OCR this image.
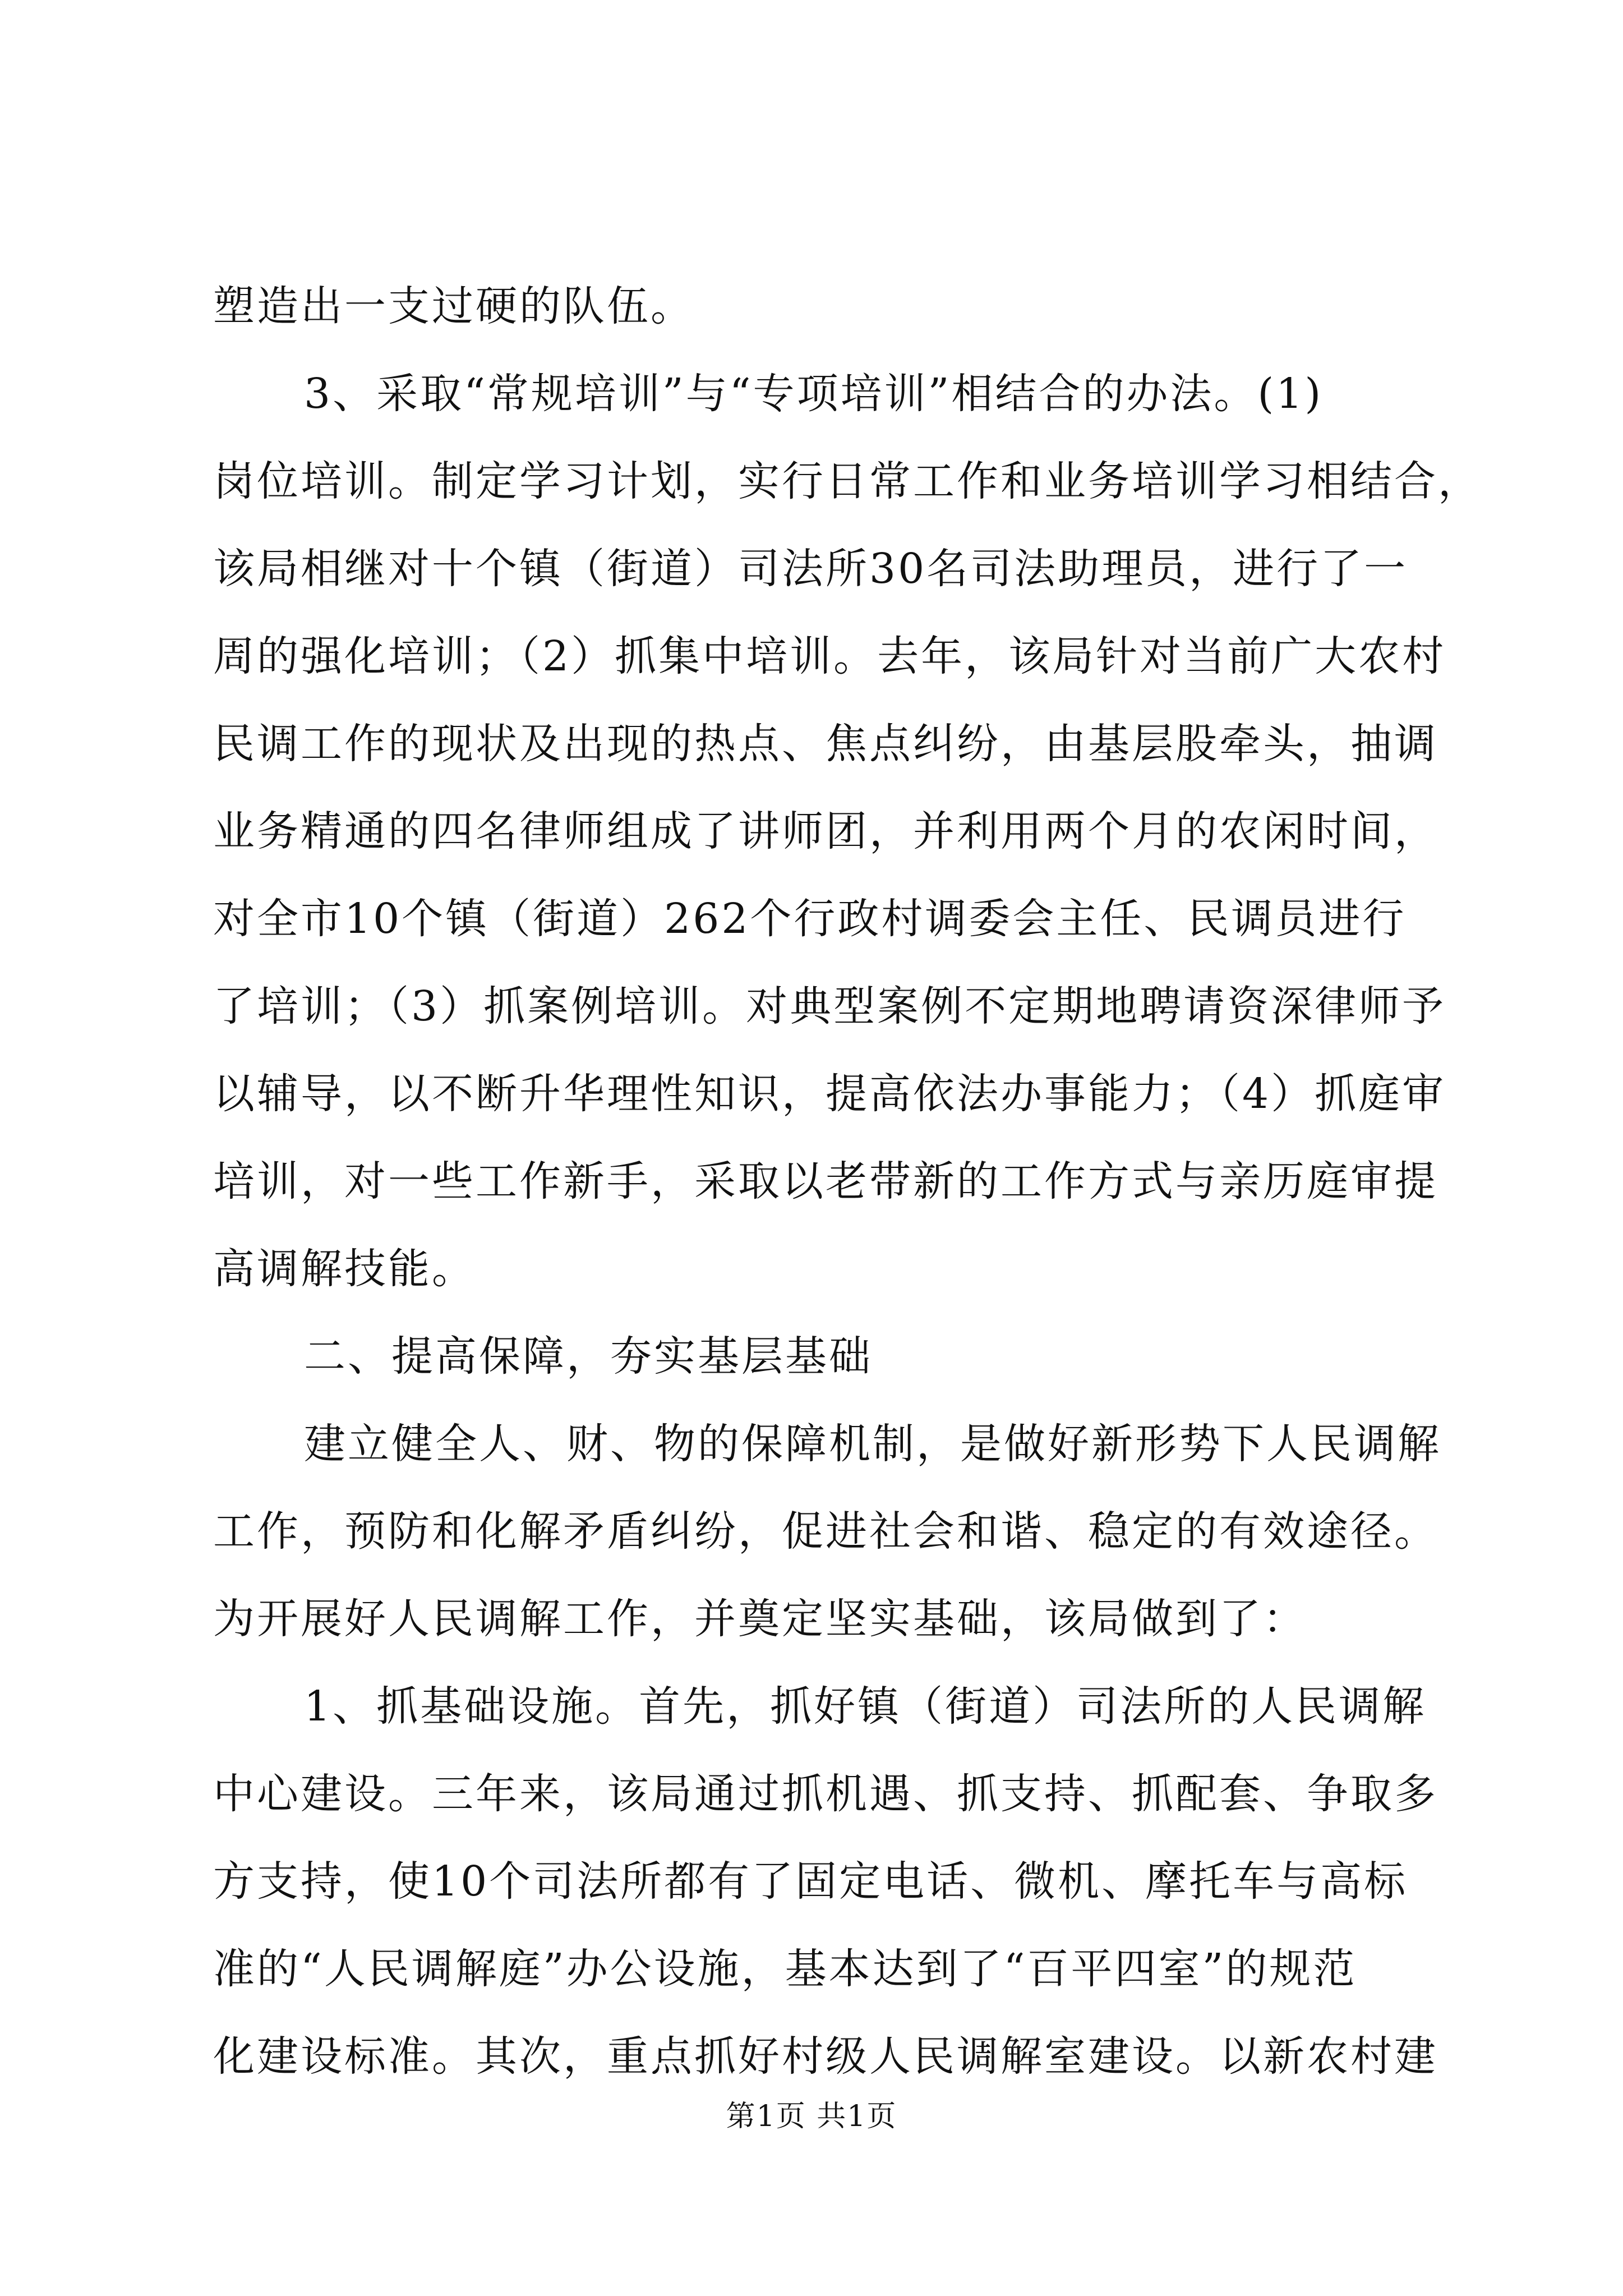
塑造出一支过硬的队伍。
3、采取“常规培训”与“专项培训”相结合的办法。(1)
岗位培训。制定学习计划，实行日常工作和业务培训学习相结合，
该局相继对十个镇（街道）司法所30名司法助理员，进行了一
周的强化培训；（2）抓集中培训。去年，该局针对当前广大农村
民调工作的现状及出现的热点、焦点纠纷，由基层股牵头，抽调
业务精通的四名律师组成了讲师团，并利用两个月的农闲时间，
对全市10个镇（街道）262个行政村调委会主任、民调员进行
了培训；（3）抓案例培训。对典型案例不定期地聘请资深律师予
以辅导，以不断升华理性知识，提高依法办事能力；（4）抓庭审
培训，对一些工作新手，采取以老带新的工作方式与亲历庭审提
高调解技能。
二、提高保障，夯实基层基础
建立健全人、财、物的保障机制，是做好新形势下人民调解
工作，预防和化解矛盾纠纷，促进社会和谐、稳定的有效途径。
为开展好人民调解工作，并奠定坚实基础，该局做到了：
1、抓基础设施。首先，抓好镇（街道）司法所的人民调解
中心建设。三年来，该局通过抓机遇、抓支持、抓配套、争取多
方支持，使10个司法所都有了固定电话、微机、摩托车与高标
准的“人民调解庭”办公设施，基本达到了“百平四室”的规范
化建设标准。其次，重点抓好村级人民调解室建设。以新农村建
第1页 共1页
